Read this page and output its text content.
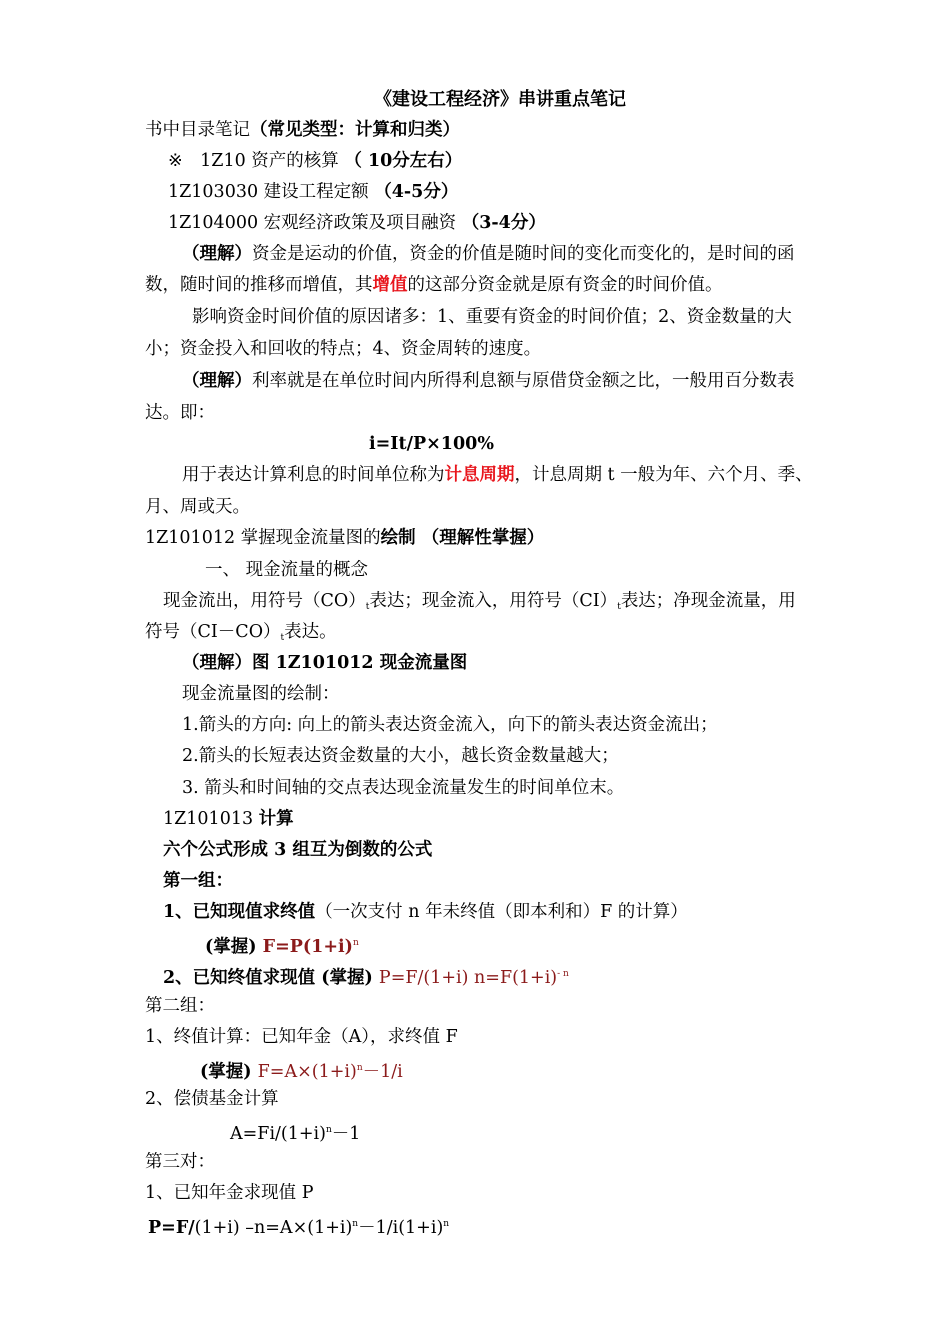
《建设工程经济》串讲重点笔记
书中目录笔记（常见类型：计算和归类）
※　1Z10 资产的核算 （ 10分左右）
1Z103030 建设工程定额 （4-5分）
1Z104000 宏观经济政策及项目融资 （3-4分）
（理解）资金是运动的价值，资金的价值是随时间的变化而变化的，是时间的函
数，随时间的推移而增值，其增值的这部分资金就是原有资金的时间价值。
影响资金时间价值的原因诸多：1、重要有资金的时间价值；2、资金数量的大
小；资金投入和回收的特点；4、资金周转的速度。
（理解）利率就是在单位时间内所得利息额与原借贷金额之比，一般用百分数表
达。即：
i=It/P×100%
用于表达计算利息的时间单位称为计息周期，计息周期 t 一般为年、六个月、季、
月、周或天。
1Z101012 掌握现金流量图的绘制 （理解性掌握）
一、 现金流量的概念
现金流出，用符号$(CO)_t$表达；现金流入，用符号$(CI)_t$表达；净现金流量，用
符号$(CI-CO)_t$表达。
（理解）图 1Z101012 现金流量图
现金流量图的绘制：
1.箭头的方向: 向上的箭头表达资金流入，向下的箭头表达资金流出；
2.箭头的长短表达资金数量的大小，越长资金数量越大；
3. 箭头和时间轴的交点表达现金流量发生的时间单位末。
1Z101013 计算
六个公式形成 3 组互为倒数的公式
第一组：
1、已知现值求终值（一次支付 n 年未终值（即本利和）F 的计算）
(掌握) $F=P(1+i)^n$
2、已知终值求现值 (掌握) P=F/(1+i) $n=F(1+i)^{- n}$
第二组：
1、终值计算：已知年金（A），求终值 F
(掌握) $F=A\times(1+i)^n-1/i$
2、偿债基金计算
$A=Fi/(1+i)^n-1$
第三对：
1、已知年金求现值 P
P=F/(1+i) $-n=A\times(1+i)^n-1/i(1+i)^n$
